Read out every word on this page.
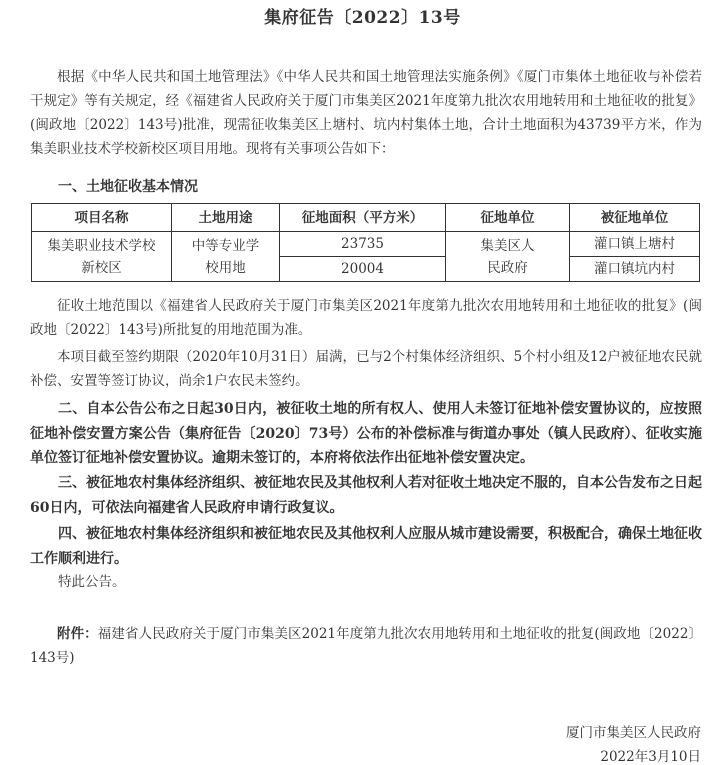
集府征告〔2022〕13号
根据《中华人民共和国土地管理法》《中华人民共和国土地管理法实施条例》《厦门市集体土地征收与补偿若干规定》等有关规定，经《福建省人民政府关于厦门市集美区2021年度第九批次农用地转用和土地征收的批复》(闽政地〔2022〕143号)批准，现需征收集美区上塘村、坑内村集体土地，合计土地面积为43739平方米，作为集美职业技术学校新校区项目用地。现将有关事项公告如下：
一、土地征收基本情况
项目名称	土地用途	征地面积（平方米）	征地单位	被征地单位
集美职业技术学校新校区	中等专业学校用地	23735	集美区人民政府	灌口镇上塘村
		20004		灌口镇坑内村
征收土地范围以《福建省人民政府关于厦门市集美区2021年度第九批次农用地转用和土地征收的批复》(闽政地〔2022〕143号)所批复的用地范围为准。
本项目截至签约期限（2020年10月31日）届满，已与2个村集体经济组织、5个村小组及12户被征地农民就补偿、安置等签订协议，尚余1户农民未签约。
二、自本公告公布之日起30日内，被征收土地的所有权人、使用人未签订征地补偿安置协议的，应按照征地补偿安置方案公告（集府征告〔2020〕73号）公布的补偿标准与街道办事处（镇人民政府）、征收实施单位签订征地补偿安置协议。逾期未签订的，本府将依法作出征地补偿安置决定。
三、被征地农村集体经济组织、被征地农民及其他权利人若对征收土地决定不服的，自本公告发布之日起60日内，可依法向福建省人民政府申请行政复议。
四、被征地农村集体经济组织和被征地农民及其他权利人应服从城市建设需要，积极配合，确保土地征收工作顺利进行。
特此公告。
附件：福建省人民政府关于厦门市集美区2021年度第九批次农用地转用和土地征收的批复(闽政地〔2022〕143号)
厦门市集美区人民政府
2022年3月10日
